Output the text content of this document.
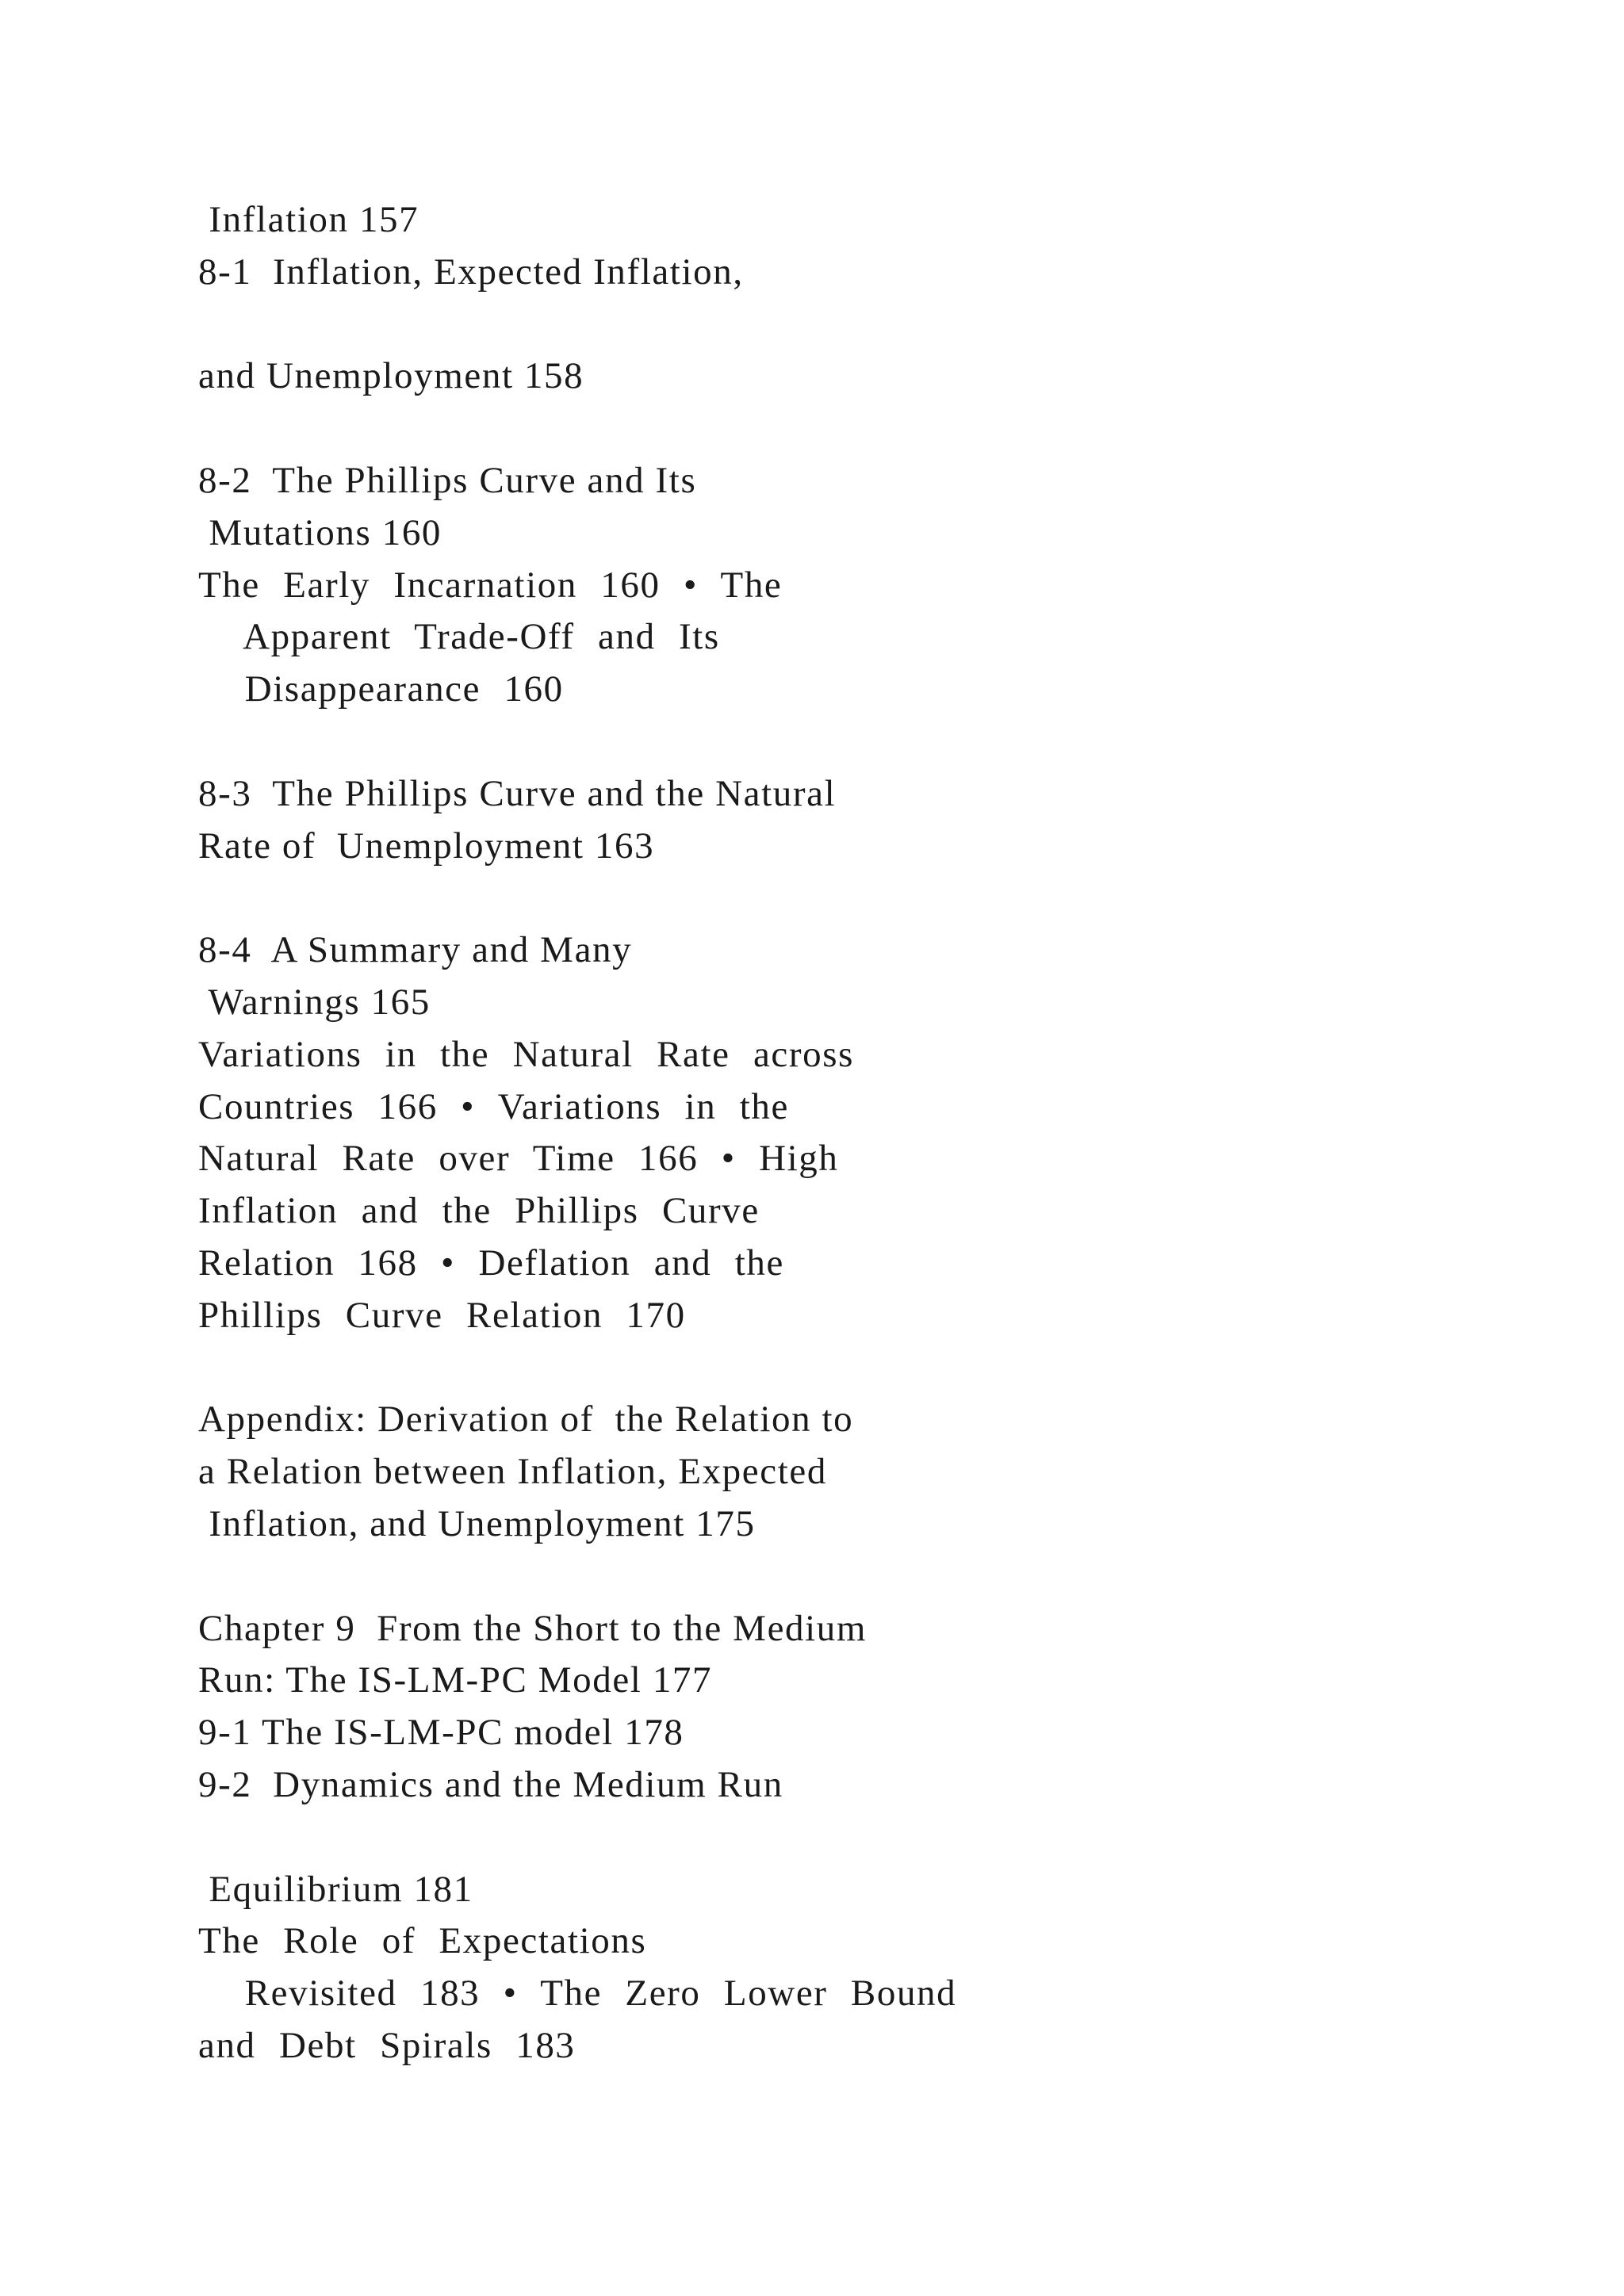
Inflation 157
8-1  Inflation, Expected Inflation,
and Unemployment 158
8-2  The Phillips Curve and Its
Mutations 160
The Early Incarnation 160 • The
Apparent Trade-Off and Its
Disappearance 160
8-3  The Phillips Curve and the Natural
Rate of  Unemployment 163
8-4  A Summary and Many
Warnings 165
Variations in the Natural Rate across
Countries 166 • Variations in the
Natural Rate over Time 166 • High
Inflation and the Phillips Curve
Relation 168 • Deflation and the
Phillips Curve Relation 170
Appendix: Derivation of  the Relation to
a Relation between Inflation, Expected
Inflation, and Unemployment 175
Chapter 9  From the Short to the Medium
Run: The IS-LM-PC Model 177
9-1 The IS-LM-PC model 178
9-2  Dynamics and the Medium Run
Equilibrium 181
The Role of Expectations
Revisited 183 • The Zero Lower Bound
and Debt Spirals 183
